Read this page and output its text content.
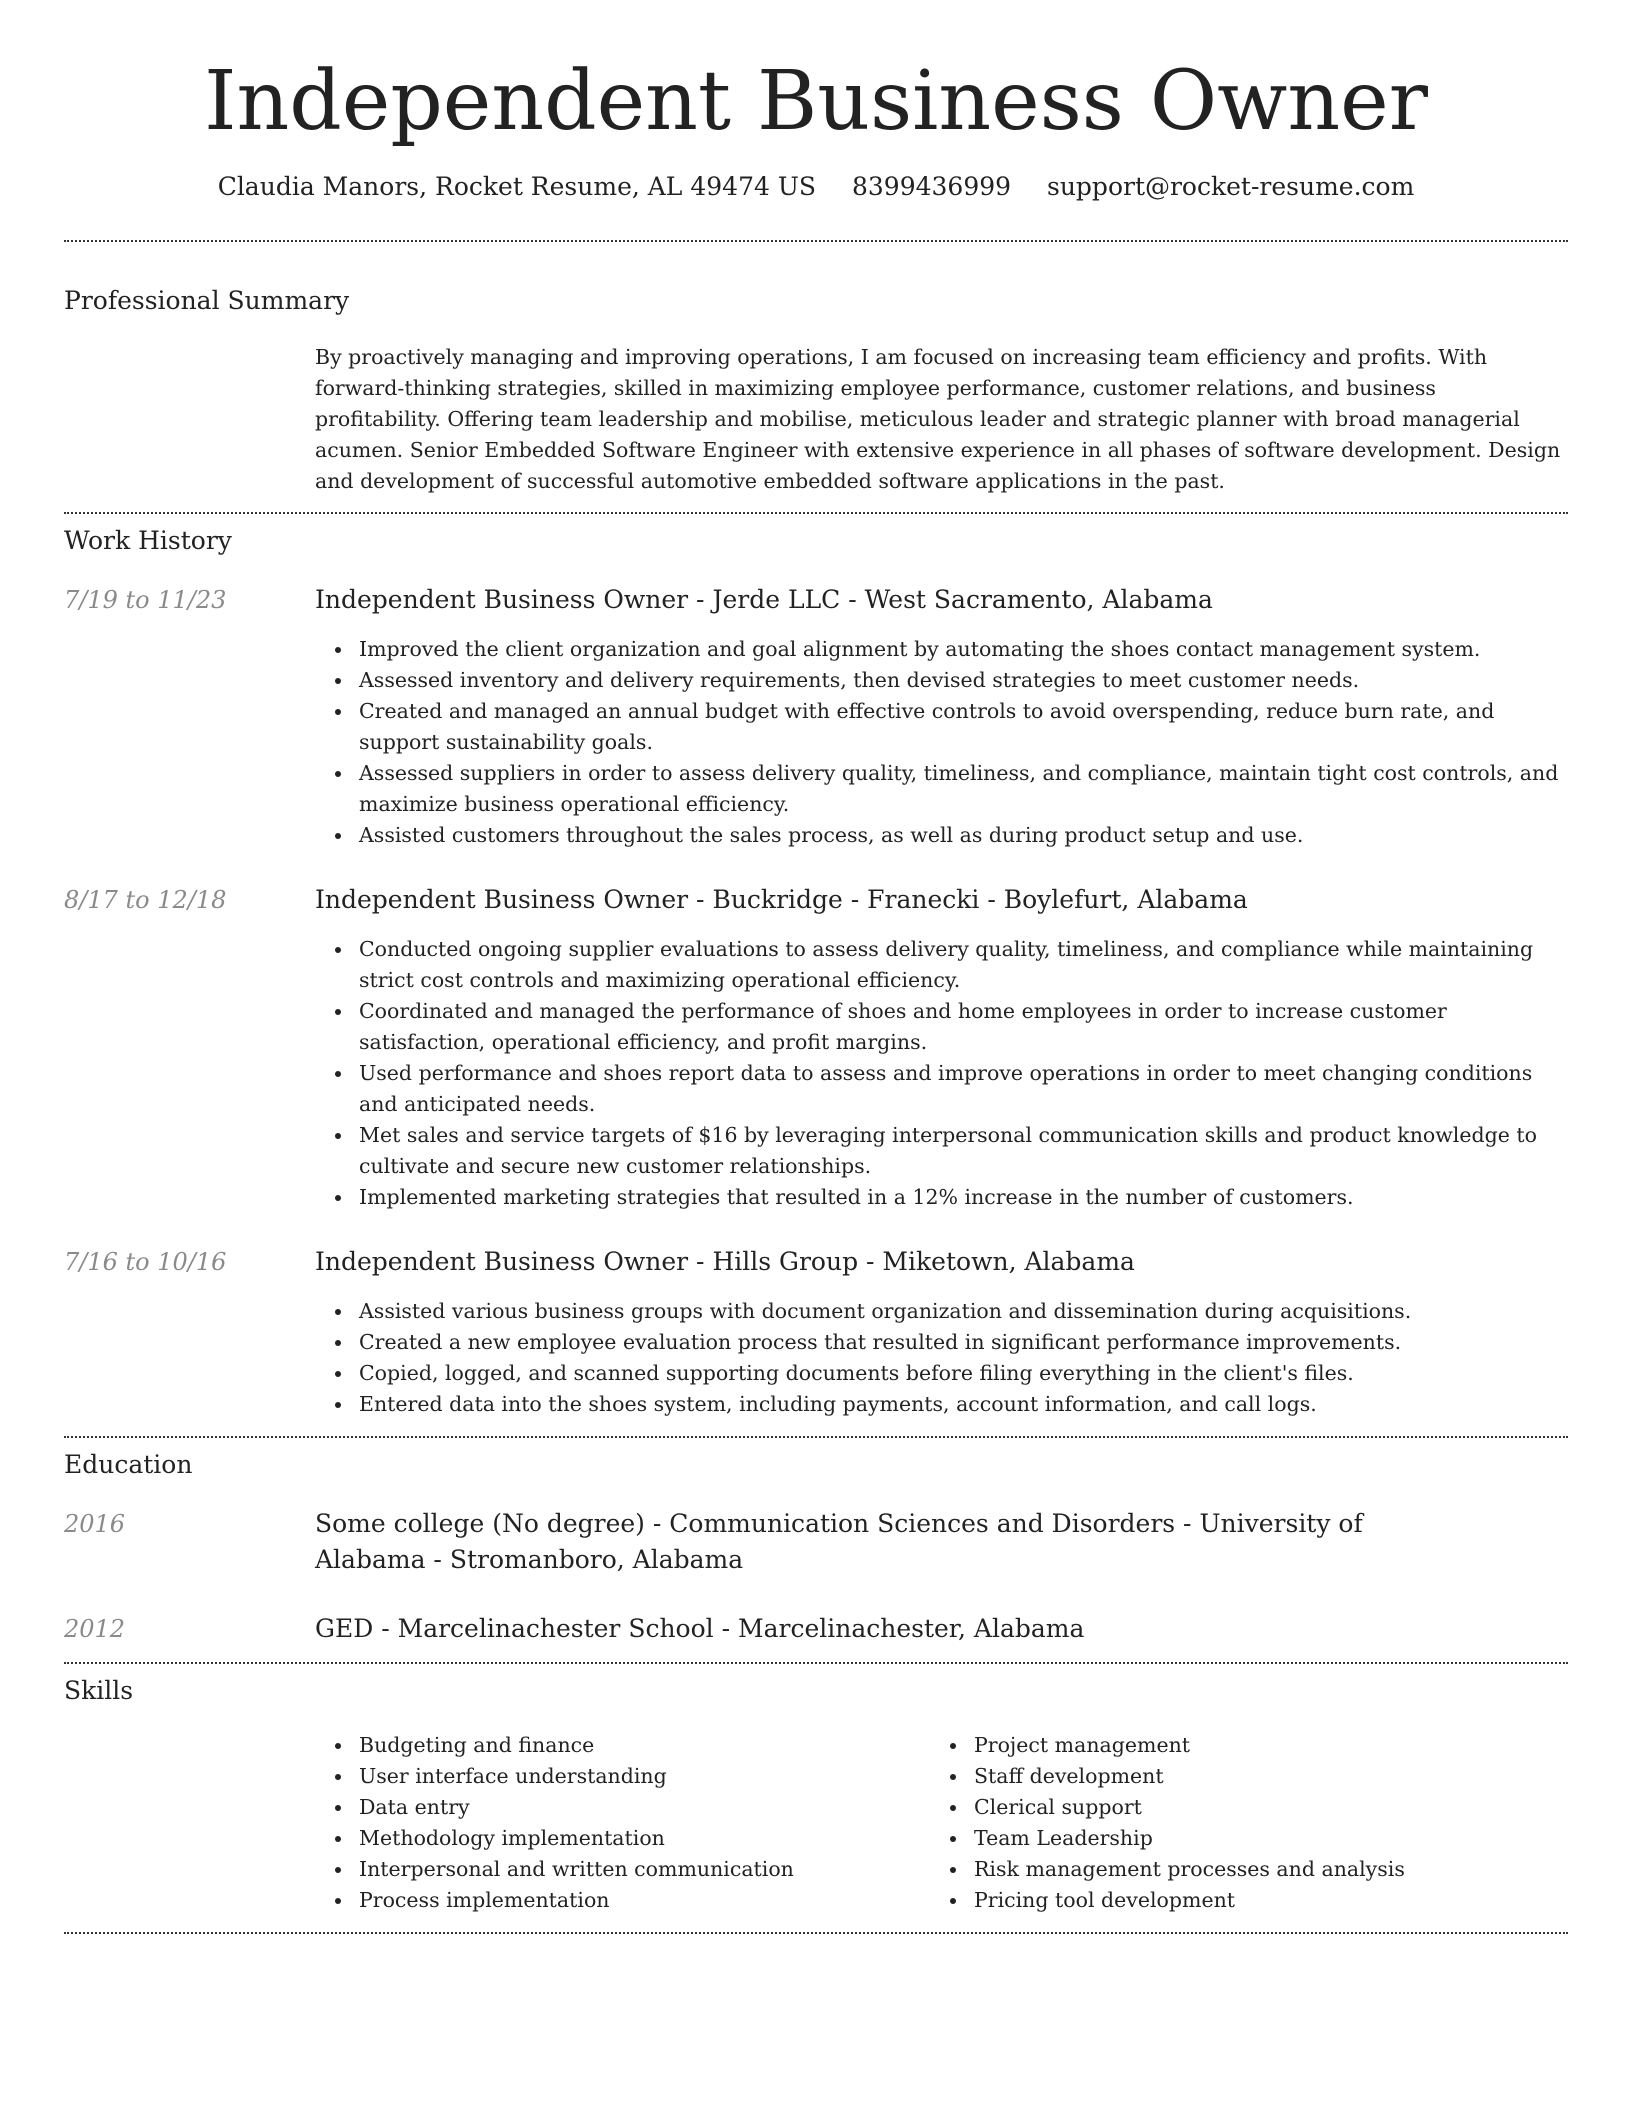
Independent Business Owner
Claudia Manors, Rocket Resume, AL 49474 US 8399436999 support@rocket-resume.com
Professional Summary
By proactively managing and improving operations, I am focused on increasing team efficiency and profits. With forward-thinking strategies, skilled in maximizing employee performance, customer relations, and business profitability. Offering team leadership and mobilise, meticulous leader and strategic planner with broad managerial acumen. Senior Embedded Software Engineer with extensive experience in all phases of software development. Design and development of successful automotive embedded software applications in the past.
Work History
7/19 to 11/23	Independent Business Owner - Jerde LLC - West Sacramento, Alabama
Improved the client organization and goal alignment by automating the shoes contact management system.
Assessed inventory and delivery requirements, then devised strategies to meet customer needs.
Created and managed an annual budget with effective controls to avoid overspending, reduce burn rate, and support sustainability goals.
Assessed suppliers in order to assess delivery quality, timeliness, and compliance, maintain tight cost controls, and maximize business operational efficiency.
Assisted customers throughout the sales process, as well as during product setup and use.
8/17 to 12/18	Independent Business Owner - Buckridge - Franecki - Boylefurt, Alabama
Conducted ongoing supplier evaluations to assess delivery quality, timeliness, and compliance while maintaining strict cost controls and maximizing operational efficiency.
Coordinated and managed the performance of shoes and home employees in order to increase customer satisfaction, operational efficiency, and profit margins.
Used performance and shoes report data to assess and improve operations in order to meet changing conditions and anticipated needs.
Met sales and service targets of $16 by leveraging interpersonal communication skills and product knowledge to cultivate and secure new customer relationships.
Implemented marketing strategies that resulted in a 12% increase in the number of customers.
7/16 to 10/16	Independent Business Owner - Hills Group - Miketown, Alabama
Assisted various business groups with document organization and dissemination during acquisitions.
Created a new employee evaluation process that resulted in significant performance improvements.
Copied, logged, and scanned supporting documents before filing everything in the client's files.
Entered data into the shoes system, including payments, account information, and call logs.
Education
2016	Some college (No degree) - Communication Sciences and Disorders - University of Alabama - Stromanboro, Alabama
2012	GED - Marcelinachester School - Marcelinachester, Alabama
Skills
Budgeting and finance
User interface understanding
Data entry
Methodology implementation
Interpersonal and written communication
Process implementation
Project management
Staff development
Clerical support
Team Leadership
Risk management processes and analysis
Pricing tool development
